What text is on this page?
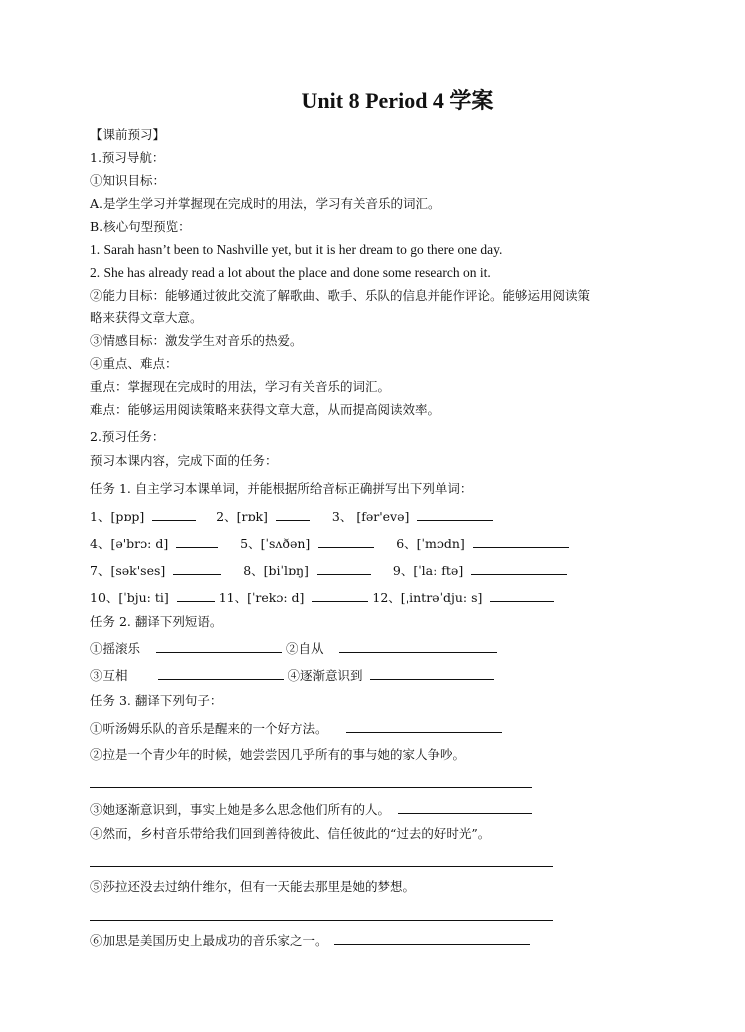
Unit 8 Period 4 学案
【课前预习】
1.预习导航：
①知识目标：
A.是学生学习并掌握现在完成时的用法，学习有关音乐的词汇。
B.核心句型预览：
1. Sarah hasn’t been to Nashville yet, but it is her dream to go there one day.
2. She has already read a lot about the place and done some research on it.
②能力目标：能够通过彼此交流了解歌曲、歌手、乐队的信息并能作评论。能够运用阅读策
略来获得文章大意。
③情感目标：激发学生对音乐的热爱。
④重点、难点：
重点：掌握现在完成时的用法，学习有关音乐的词汇。
难点：能够运用阅读策略来获得文章大意，从而提高阅读效率。
2.预习任务：
预习本课内容，完成下面的任务：
任务 1. 自主学习本课单词，并能根据所给音标正确拼写出下列单词：
1、[pɒp]	2、[rɒk]	3、 [fər'evə]
4、[ə'brɔ: d]	5、[ˈsʌðən]	6、[ˈmɔdn]
7、[sək'ses]	8、[biˈlɒŋ]	9、[ˈlaː ftə]
10、[ˈbju: ti]	11、[ˈrekɔ: d]	12、[ˌintrəˈdju: s]
任务 2. 翻译下列短语。
①摇滚乐	②自从
③互相	④逐渐意识到
任务 3. 翻译下列句子：
①听汤姆乐队的音乐是醒来的一个好方法。
②拉是一个青少年的时候，她尝尝因几乎所有的事与她的家人争吵。
③她逐渐意识到，事实上她是多么思念他们所有的人。
④然而，乡村音乐带给我们回到善待彼此、信任彼此的“过去的好时光”。
⑤莎拉还没去过纳什维尔，但有一天能去那里是她的梦想。
⑥加思是美国历史上最成功的音乐家之一。
